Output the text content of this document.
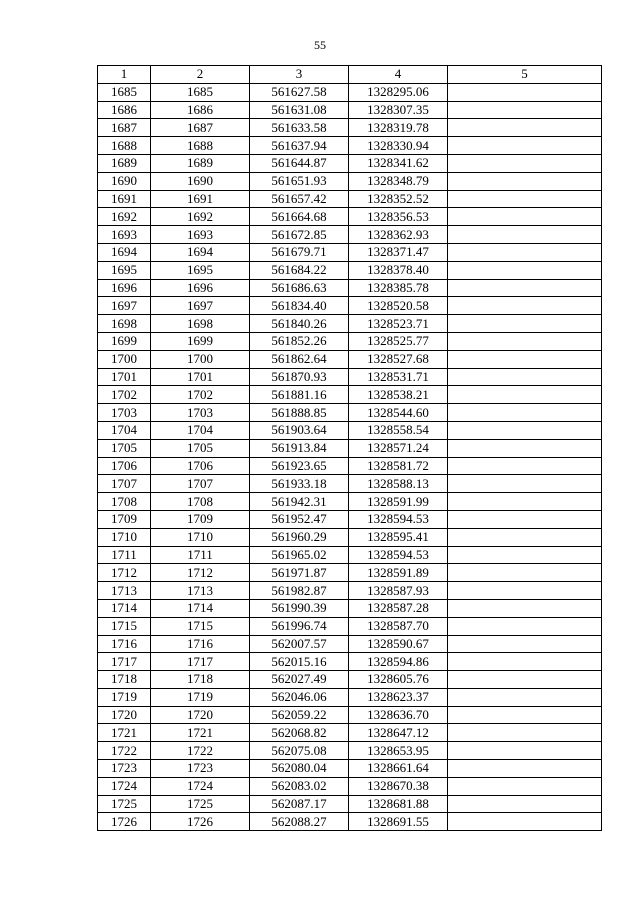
55
1	2	3	4	5
1685	1685	561627.58	1328295.06	
1686	1686	561631.08	1328307.35	
1687	1687	561633.58	1328319.78	
1688	1688	561637.94	1328330.94	
1689	1689	561644.87	1328341.62	
1690	1690	561651.93	1328348.79	
1691	1691	561657.42	1328352.52	
1692	1692	561664.68	1328356.53	
1693	1693	561672.85	1328362.93	
1694	1694	561679.71	1328371.47	
1695	1695	561684.22	1328378.40	
1696	1696	561686.63	1328385.78	
1697	1697	561834.40	1328520.58	
1698	1698	561840.26	1328523.71	
1699	1699	561852.26	1328525.77	
1700	1700	561862.64	1328527.68	
1701	1701	561870.93	1328531.71	
1702	1702	561881.16	1328538.21	
1703	1703	561888.85	1328544.60	
1704	1704	561903.64	1328558.54	
1705	1705	561913.84	1328571.24	
1706	1706	561923.65	1328581.72	
1707	1707	561933.18	1328588.13	
1708	1708	561942.31	1328591.99	
1709	1709	561952.47	1328594.53	
1710	1710	561960.29	1328595.41	
1711	1711	561965.02	1328594.53	
1712	1712	561971.87	1328591.89	
1713	1713	561982.87	1328587.93	
1714	1714	561990.39	1328587.28	
1715	1715	561996.74	1328587.70	
1716	1716	562007.57	1328590.67	
1717	1717	562015.16	1328594.86	
1718	1718	562027.49	1328605.76	
1719	1719	562046.06	1328623.37	
1720	1720	562059.22	1328636.70	
1721	1721	562068.82	1328647.12	
1722	1722	562075.08	1328653.95	
1723	1723	562080.04	1328661.64	
1724	1724	562083.02	1328670.38	
1725	1725	562087.17	1328681.88	
1726	1726	562088.27	1328691.55	
